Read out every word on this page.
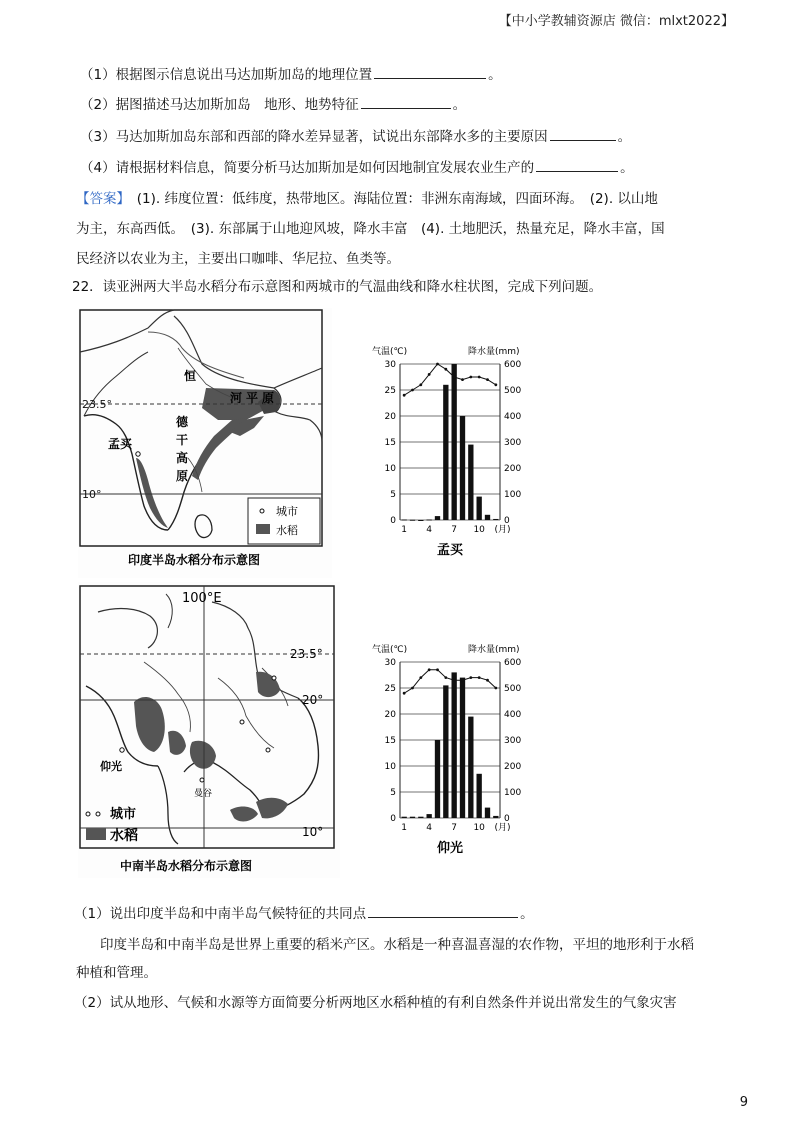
【中小学教辅资源店 微信：mlxt2022】
（1）根据图示信息说出马达加斯加岛的地理位置	。
（2）据图描述马达加斯加岛　地形、地势特征	。
（3）马达加斯加岛东部和西部的降水差异显著，试说出东部降水多的主要原因	。
（4）请根据材料信息，简要分析马达加斯加是如何因地制宜发展农业生产的	。
【答案】　(1). 纬度位置：低纬度，热带地区。海陆位置：非洲东南海域，四面环海。　(2). 以山地
为主，东高西低。　(3). 东部属于山地迎风坡，降水丰富　(4). 土地肥沃，热量充足，降水丰富，国
民经济以农业为主，主要出口咖啡、华尼拉、鱼类等。
22．读亚洲两大半岛水稻分布示意图和两城市的气温曲线和降水柱状图，完成下列问题。
23.5°
10°
恒
河 平 原
德
干
高
原
孟买
城市
水稻
印度半岛水稻分布示意图
100°E
23.5°
20°
10°
仰光
曼谷
城市
水稻
中南半岛水稻分布示意图
气温(℃)	降水量(mm)
0	0
5	100
10	200
15	300
20	400
25	500
30	600
1 4 7 10 (月)
孟买
气温(℃)	降水量(mm)
0	0
5	100
10	200
15	300
20	400
25	500
30	600
1 4 7 10 (月)
仰光
（1）说出印度半岛和中南半岛气候特征的共同点	。
印度半岛和中南半岛是世界上重要的稻米产区。水稻是一种喜温喜湿的农作物，平坦的地形利于水稻
种植和管理。
（2）试从地形、气候和水源等方面简要分析两地区水稻种植的有利自然条件并说出常发生的气象灾害
9
